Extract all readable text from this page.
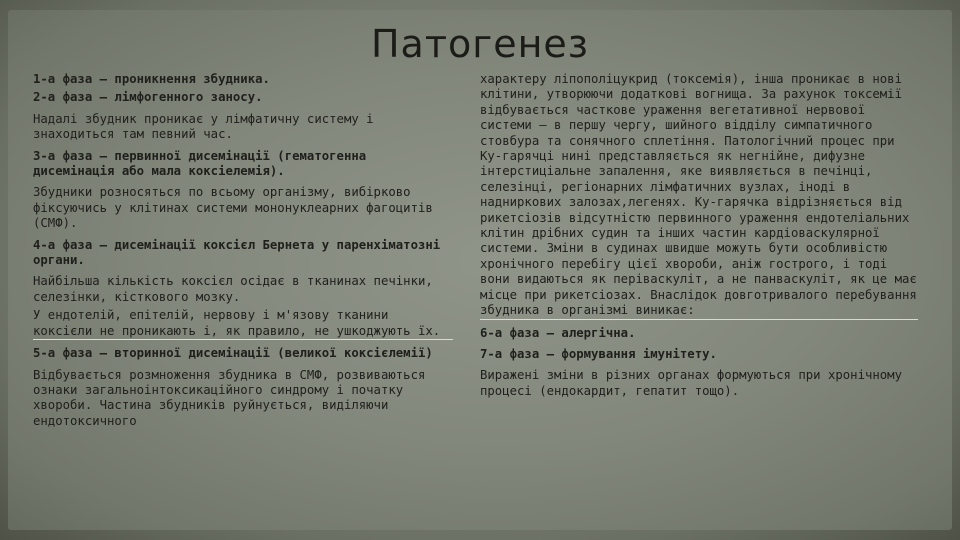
Патогенез
1-а фаза — проникнення збудника.
2-а фаза — лімфогенного заносу.
Надалі збудник проникає у лімфатичну систему і знаходиться там певний час.
3-а фаза — первинної дисемінації (гематогенна дисемінація або мала коксіелемія).
Збудники розносяться по всьому організму, вибірково фіксуючись у клітинах системи мононуклеарних фагоцитів (СМФ).
4-а фаза — дисемінації коксієл Бернета у паренхіматозні органи.
Найбільша кількість коксієл осідає в тканинах печінки, селезінки, кісткового мозку.
У ендотелій, епітелій, нервову і м'язову тканини коксієли не проникають і, як правило, не ушкоджують їх.
5-а фаза — вторинної дисемінації (великої коксієлемії)
Відбувається розмноження збудника в СМФ, розвиваються ознаки загальноінтоксикаційного синдрому і початку хвороби. Частина збудників руйнується, виділяючи ендотоксичного
характеру ліпополіцукрид (токсемія), інша проникає в нові клітини, утворюючи додаткові вогнища. За рахунок токсемії відбувається часткове ураження вегетативної нервової системи — в першу чергу, шийного відділу симпатичного стовбура та сонячного сплетіння. Патологічний процес при Ку-гарячці нині представляється як негнійне, дифузне інтерстиціальне запалення, яке виявляється в печінці, селезінці, регіонарних лімфатичних вузлах, іноді в надниркових залозах,легенях. Ку-гарячка відрізняється від рикетсіозів відсутністю первинного ураження ендотеліальних клітин дрібних судин та інших частин кардіоваскулярної системи. Зміни в судинах швидше можуть бути особливістю хронічного перебігу цієї хвороби, аніж гострого, і тоді вони видаються як періваскуліт, а не панваскуліт, як це має місце при рикетсіозах. Внаслідок довготривалого перебування збудника в організмі виникає:
6-а фаза — алергічна.
7-а фаза — формування імунітету.
Виражені зміни в різних органах формуються при хронічному процесі (ендокардит, гепатит тощо).
